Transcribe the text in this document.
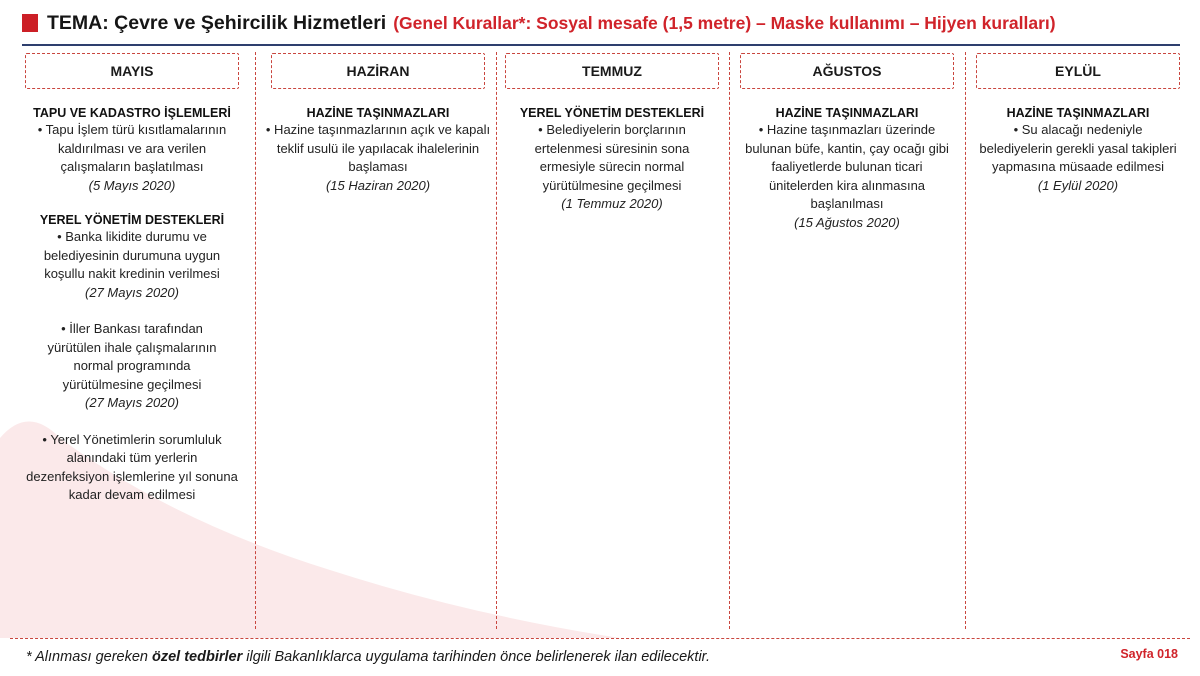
TEMA: Çevre ve Şehircilik Hizmetleri (Genel Kurallar*: Sosyal mesafe (1,5 metre) – Maske kullanımı – Hijyen kuralları)
MAYIS
TAPU VE KADASTRO İŞLEMLERİ
• Tapu İşlem türü kısıtlamalarının kaldırılması ve ara verilen çalışmaların başlatılması
(5 Mayıs 2020)
YEREL YÖNETİM DESTEKLERİ
• Banka likidite durumu ve belediyesinin durumuna uygun koşullu nakit kredinin verilmesi
(27 Mayıs 2020)
• İller Bankası tarafından yürütülen ihale çalışmalarının normal programında yürütülmesine geçilmesi
(27 Mayıs 2020)
• Yerel Yönetimlerin sorumluluk alanındaki tüm yerlerin dezenfeksiyon işlemlerine yıl sonuna kadar devam edilmesi
HAZİRAN
HAZİNE TAŞINMAZLARI
• Hazine taşınmazlarının açık ve kapalı teklif usulü ile yapılacak ihalelerinin başlaması
(15 Haziran 2020)
TEMMUZ
YEREL YÖNETİM DESTEKLERİ
• Belediyelerin borçlarının ertelenmesi süresinin sona ermesiyle sürecin normal yürütülmesine geçilmesi
(1 Temmuz 2020)
AĞUSTOS
HAZİNE TAŞINMAZLARI
• Hazine taşınmazları üzerinde bulunan büfe, kantin, çay ocağı gibi faaliyetlerde bulunan ticari ünitelerden kira alınmasına başlanılması
(15 Ağustos 2020)
EYLÜL
HAZİNE TAŞINMAZLARI
• Su alacağı nedeniyle belediyelerin gerekli yasal takipleri yapmasına müsaade edilmesi
(1 Eylül 2020)
* Alınması gereken özel tedbirler ilgili Bakanlıklarca uygulama tarihinden önce belirlenerek ilan edilecektir.	Sayfa 018
